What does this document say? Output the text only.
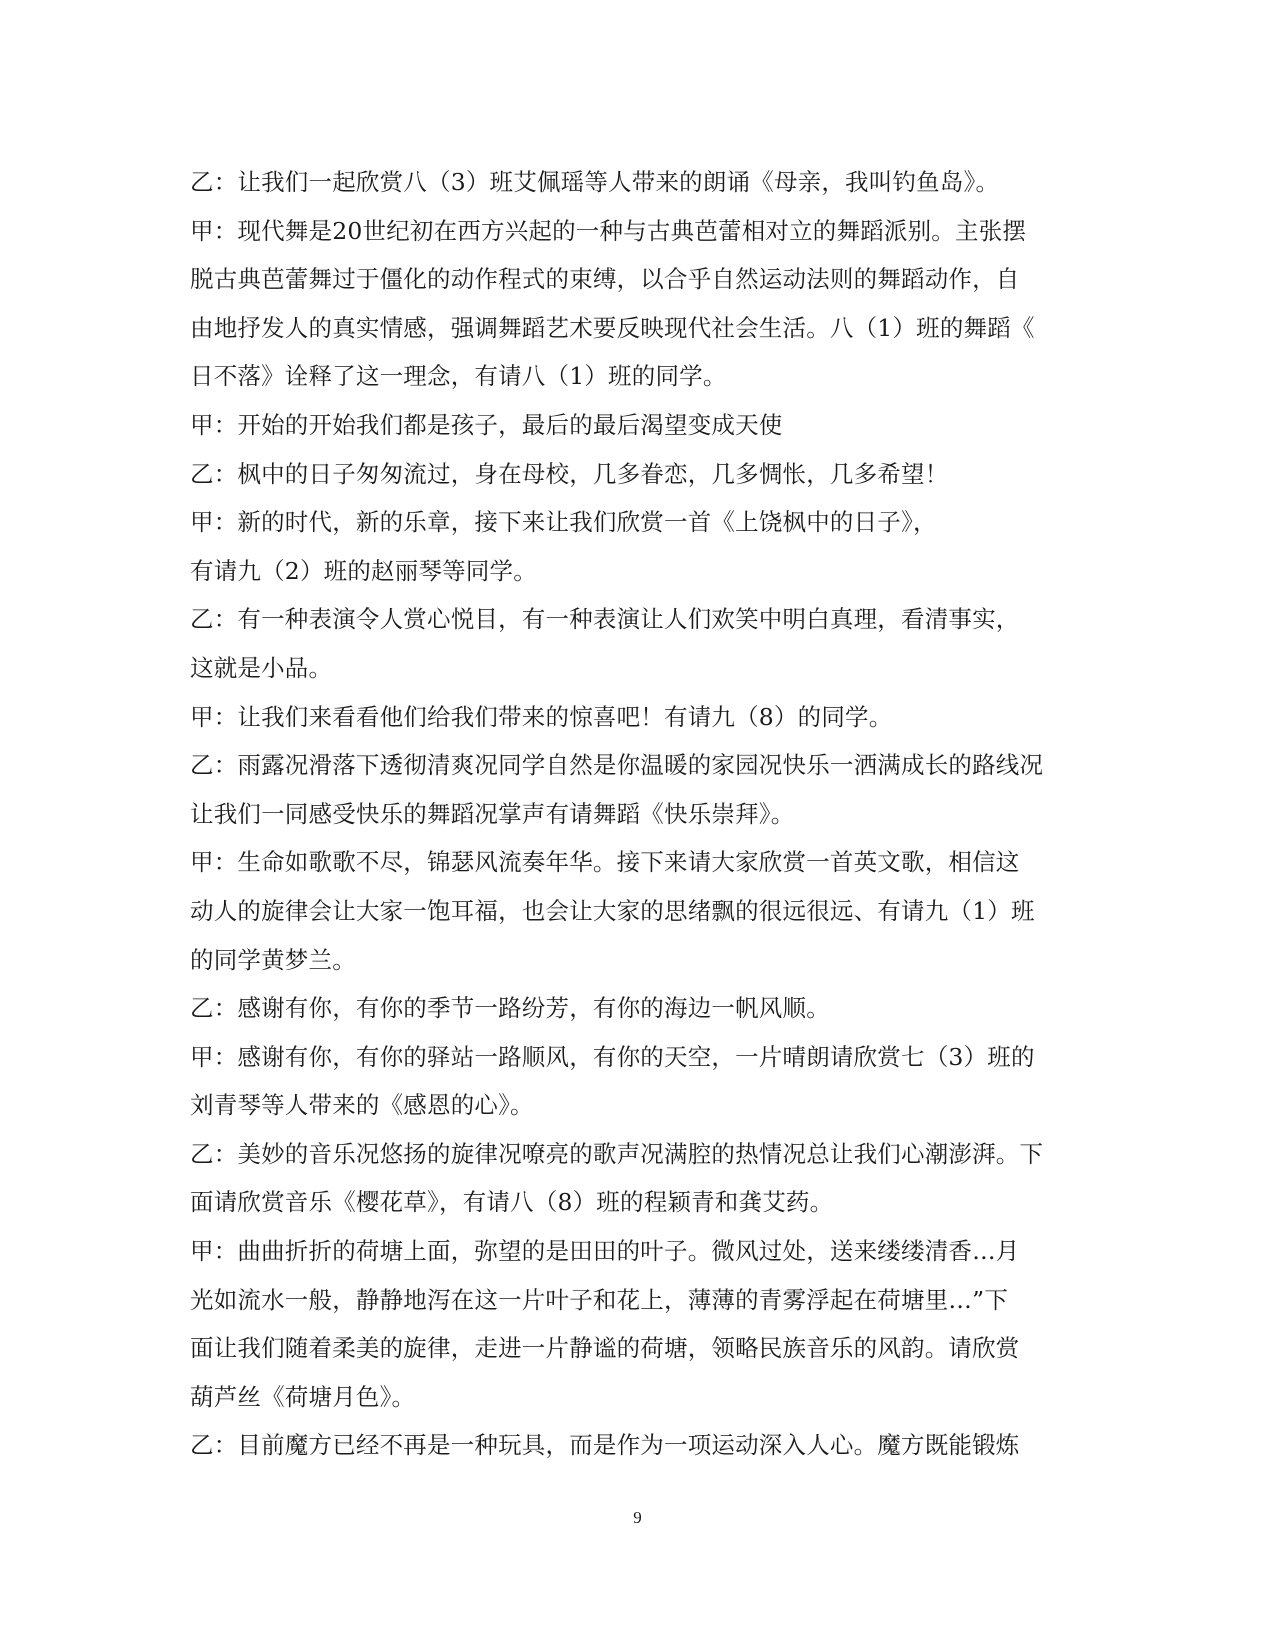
乙：让我们一起欣赏八（3）班艾佩瑶等人带来的朗诵《母亲，我叫钓鱼岛》。
甲：现代舞是20世纪初在西方兴起的一种与古典芭蕾相对立的舞蹈派别。主张摆
脱古典芭蕾舞过于僵化的动作程式的束缚，以合乎自然运动法则的舞蹈动作，自
由地抒发人的真实情感，强调舞蹈艺术要反映现代社会生活。八（1）班的舞蹈《
日不落》诠释了这一理念，有请八（1）班的同学。
甲：开始的开始我们都是孩子，最后的最后渴望变成天使
乙：枫中的日子匆匆流过，身在母校，几多眷恋，几多惆怅，几多希望！
甲：新的时代，新的乐章，接下来让我们欣赏一首《上饶枫中的日子》，
有请九（2）班的赵丽琴等同学。
乙：有一种表演令人赏心悦目，有一种表演让人们欢笑中明白真理，看清事实，
这就是小品。
甲：让我们来看看他们给我们带来的惊喜吧！有请九（8）的同学。
乙：雨露况滑落下透彻清爽况同学自然是你温暖的家园况快乐一洒满成长的路线况
让我们一同感受快乐的舞蹈况掌声有请舞蹈《快乐崇拜》。
甲：生命如歌歌不尽，锦瑟风流奏年华。接下来请大家欣赏一首英文歌，相信这
动人的旋律会让大家一饱耳福，也会让大家的思绪飘的很远很远、有请九（1）班
的同学黄梦兰。
乙：感谢有你，有你的季节一路纷芳，有你的海边一帆风顺。
甲：感谢有你，有你的驿站一路顺风，有你的天空，一片晴朗请欣赏七（3）班的
刘青琴等人带来的《感恩的心》。
乙：美妙的音乐况悠扬的旋律况嘹亮的歌声况满腔的热情况总让我们心潮澎湃。下
面请欣赏音乐《樱花草》，有请八（8）班的程颖青和龚艾药。
甲：曲曲折折的荷塘上面，弥望的是田田的叶子。微风过处，送来缕缕清香…月
光如流水一般，静静地泻在这一片叶子和花上，薄薄的青雾浮起在荷塘里…”下
面让我们随着柔美的旋律，走进一片静谧的荷塘，领略民族音乐的风韵。请欣赏
葫芦丝《荷塘月色》。
乙：目前魔方已经不再是一种玩具，而是作为一项运动深入人心。魔方既能锻炼
9
